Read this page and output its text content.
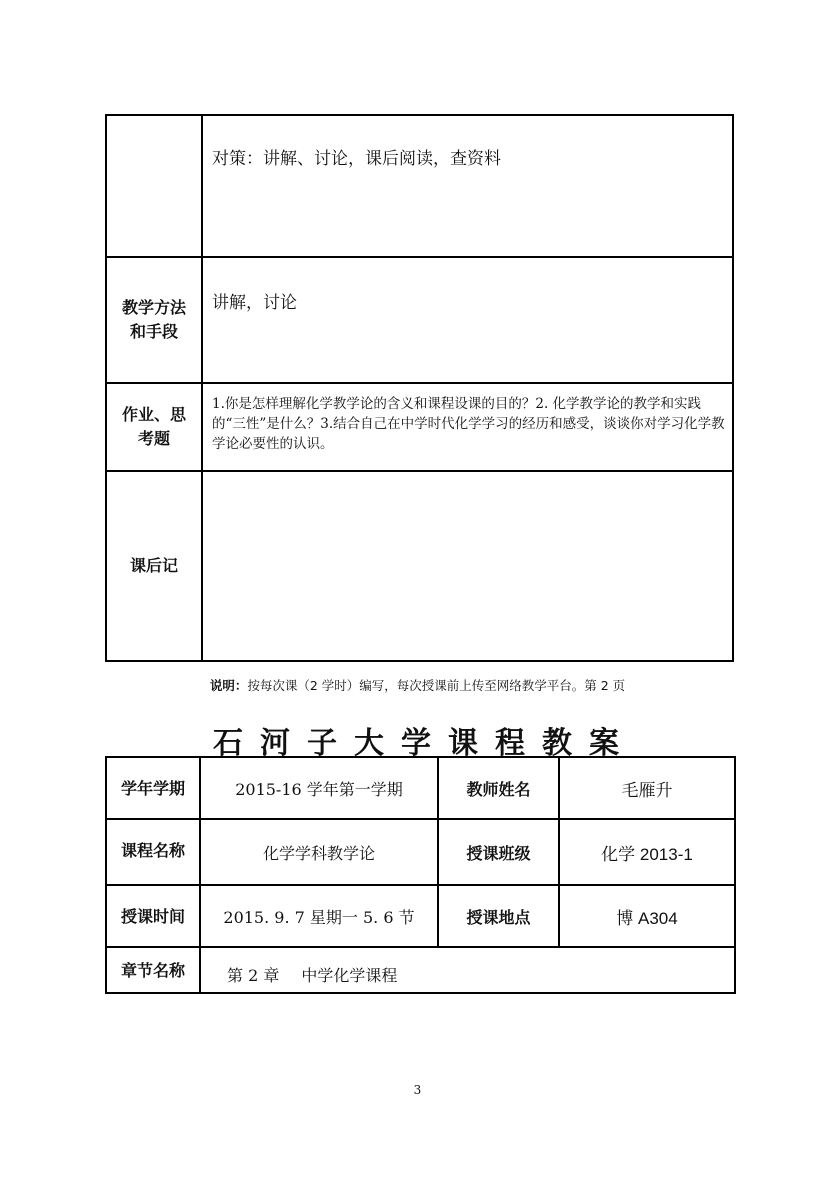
	对策：讲解、讨论，课后阅读，查资料

教学方法
和手段	讲解，讨论

作业、思
考题	1.你是怎样理解化学教学论的含义和课程设课的目的？2. 化学教学论的教学和实践的“三性”是什么？3.结合自己在中学时代化学学习的经历和感受，谈谈你对学习化学教学论必要性的认识。

课后记	
说明：按每次课（2 学时）编写，每次授课前上传至网络教学平台。第 2 页
石河子大学课程教案
学年学期	2015-16 学年第一学期	教师姓名	毛雁升
课程名称	化学学科教学论	授课班级	化学 2013-1
授课时间	2015. 9. 7 星期一 5. 6 节	授课地点	博 A304
章节名称	第 2 章 中学化学课程		
3
